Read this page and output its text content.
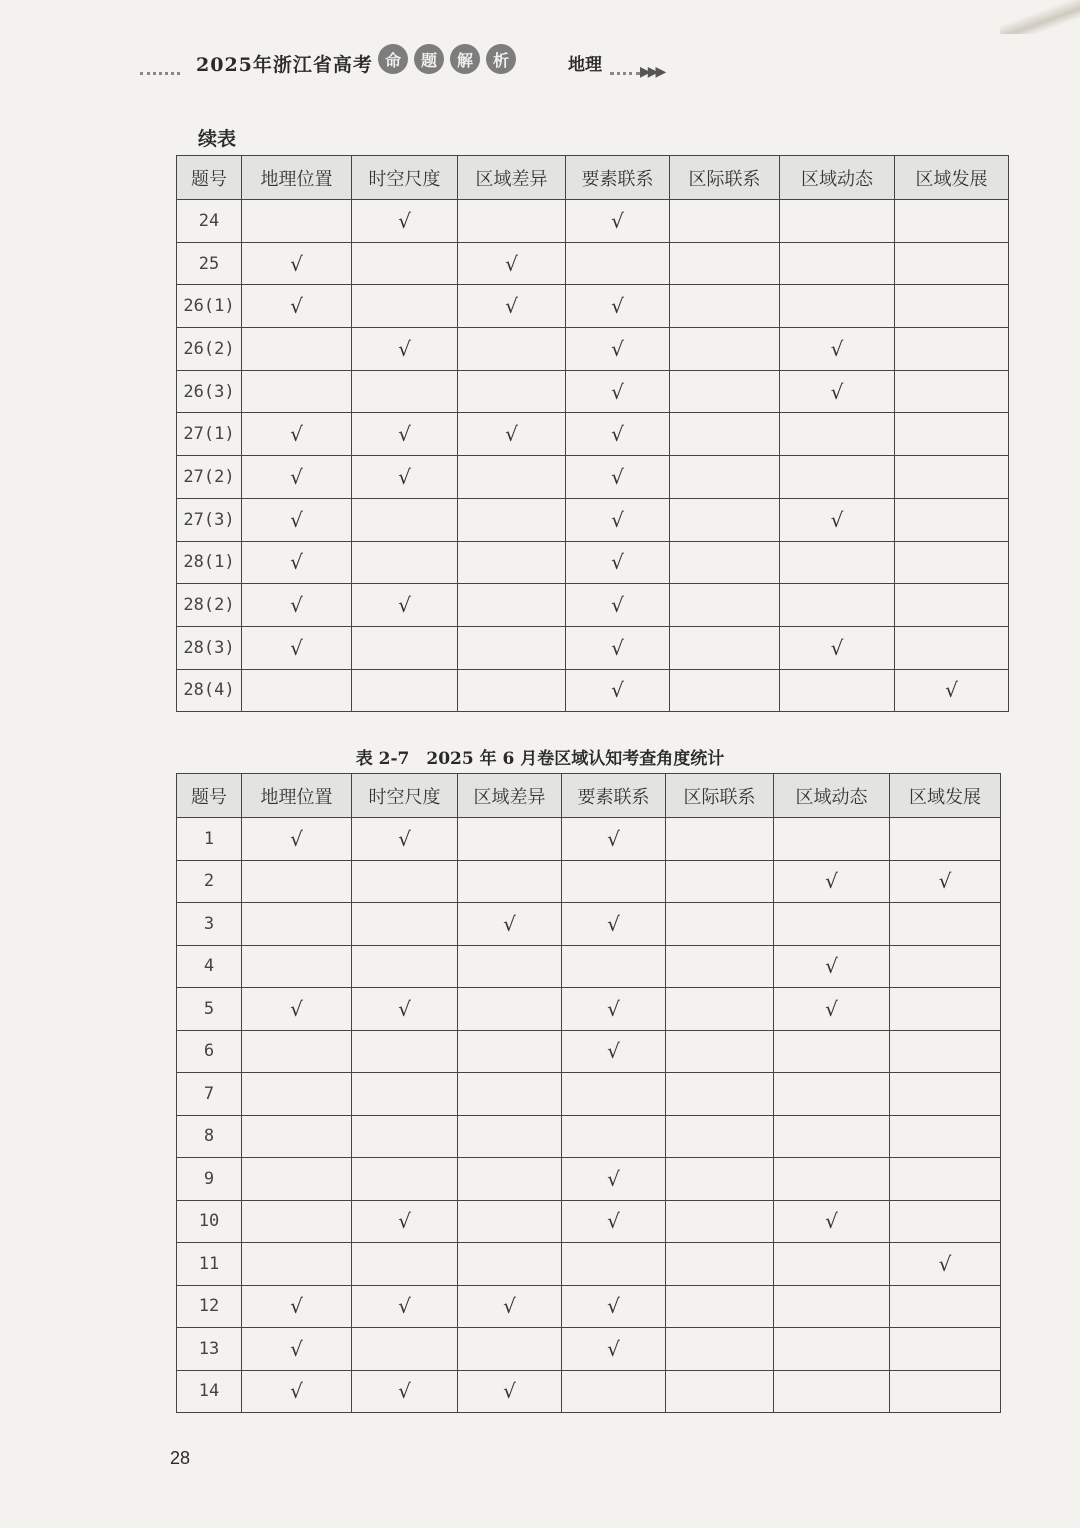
2025年浙江省高考 命	题	解	析	地理	▶▶▶
续表
题号	地理位置	时空尺度	区域差异	要素联系	区际联系	区域动态	区域发展
24		√		√			
25	√		√				
26(1)	√		√	√			
26(2)		√		√		√	
26(3)				√		√	
27(1)	√	√	√	√			
27(2)	√	√		√			
27(3)	√			√		√	
28(1)	√			√			
28(2)	√	√		√			
28(3)	√			√		√	
28(4)				√			√
表 2-7　2025 年 6 月卷区域认知考查角度统计
题号	地理位置	时空尺度	区域差异	要素联系	区际联系	区域动态	区域发展
1	√	√		√			
2						√	√
3			√	√			
4						√	
5	√	√		√		√	
6				√			
7							
8							
9				√			
10		√		√		√	
11							√
12	√	√	√	√			
13	√			√			
14	√	√	√				
28
